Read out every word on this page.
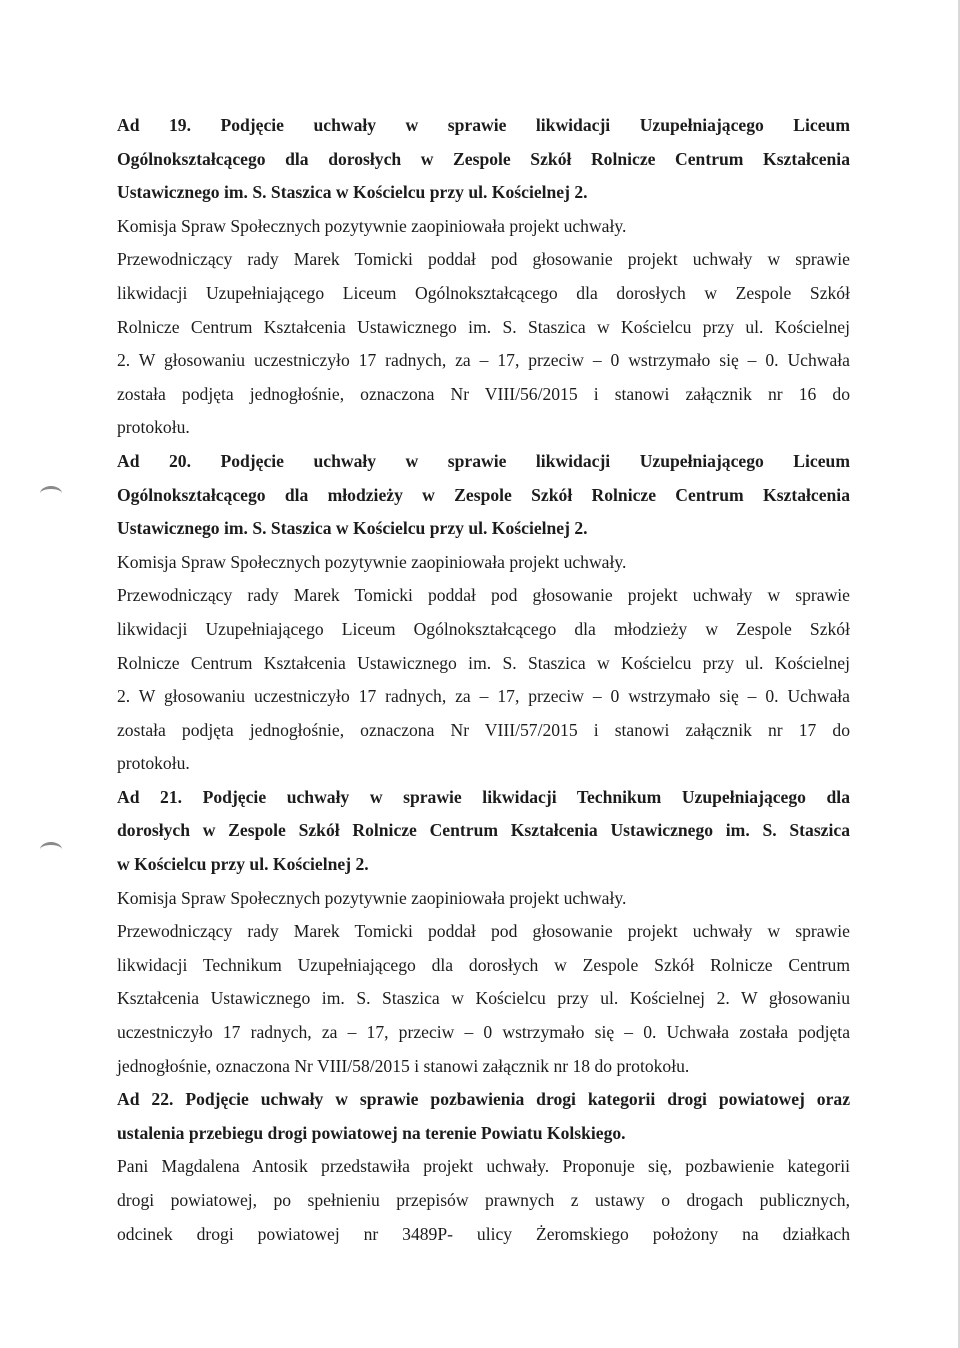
Ad 19. Podjęcie uchwały w sprawie likwidacji Uzupełniającego Liceum
Ogólnokształcącego dla dorosłych w Zespole Szkół Rolnicze Centrum Kształcenia
Ustawicznego im. S. Staszica w Kościelcu przy ul. Kościelnej 2.
Komisja Spraw Społecznych pozytywnie zaopiniowała projekt uchwały.
Przewodniczący rady Marek Tomicki poddał pod głosowanie projekt uchwały w sprawie
likwidacji Uzupełniającego Liceum Ogólnokształcącego dla dorosłych w Zespole Szkół
Rolnicze Centrum Kształcenia Ustawicznego im. S. Staszica w Kościelcu przy ul. Kościelnej
2. W głosowaniu uczestniczyło 17 radnych, za – 17, przeciw – 0 wstrzymało się – 0. Uchwała
została podjęta jednogłośnie, oznaczona Nr VIII/56/2015 i stanowi załącznik nr 16 do
protokołu.
Ad 20. Podjęcie uchwały w sprawie likwidacji Uzupełniającego Liceum
Ogólnokształcącego dla młodzieży w Zespole Szkół Rolnicze Centrum Kształcenia
Ustawicznego im. S. Staszica w Kościelcu przy ul. Kościelnej 2.
Komisja Spraw Społecznych pozytywnie zaopiniowała projekt uchwały.
Przewodniczący rady Marek Tomicki poddał pod głosowanie projekt uchwały w sprawie
likwidacji Uzupełniającego Liceum Ogólnokształcącego dla młodzieży w Zespole Szkół
Rolnicze Centrum Kształcenia Ustawicznego im. S. Staszica w Kościelcu przy ul. Kościelnej
2. W głosowaniu uczestniczyło 17 radnych, za – 17, przeciw – 0 wstrzymało się – 0. Uchwała
została podjęta jednogłośnie, oznaczona Nr VIII/57/2015 i stanowi załącznik nr 17 do
protokołu.
Ad 21. Podjęcie uchwały w sprawie likwidacji Technikum Uzupełniającego dla
dorosłych w Zespole Szkół Rolnicze Centrum Kształcenia Ustawicznego im. S. Staszica
w Kościelcu przy ul. Kościelnej 2.
Komisja Spraw Społecznych pozytywnie zaopiniowała projekt uchwały.
Przewodniczący rady Marek Tomicki poddał pod głosowanie projekt uchwały w sprawie
likwidacji Technikum Uzupełniającego dla dorosłych w Zespole Szkół Rolnicze Centrum
Kształcenia Ustawicznego im. S. Staszica w Kościelcu przy ul. Kościelnej 2. W głosowaniu
uczestniczyło 17 radnych, za – 17, przeciw – 0 wstrzymało się – 0. Uchwała została podjęta
jednogłośnie, oznaczona Nr VIII/58/2015 i stanowi załącznik nr 18 do protokołu.
Ad 22. Podjęcie uchwały w sprawie pozbawienia drogi kategorii drogi powiatowej oraz
ustalenia przebiegu drogi powiatowej na terenie Powiatu Kolskiego.
Pani Magdalena Antosik przedstawiła projekt uchwały. Proponuje się, pozbawienie kategorii
drogi powiatowej, po spełnieniu przepisów prawnych z ustawy o drogach publicznych,
odcinek drogi powiatowej nr 3489P- ulicy Żeromskiego położony na działkach
